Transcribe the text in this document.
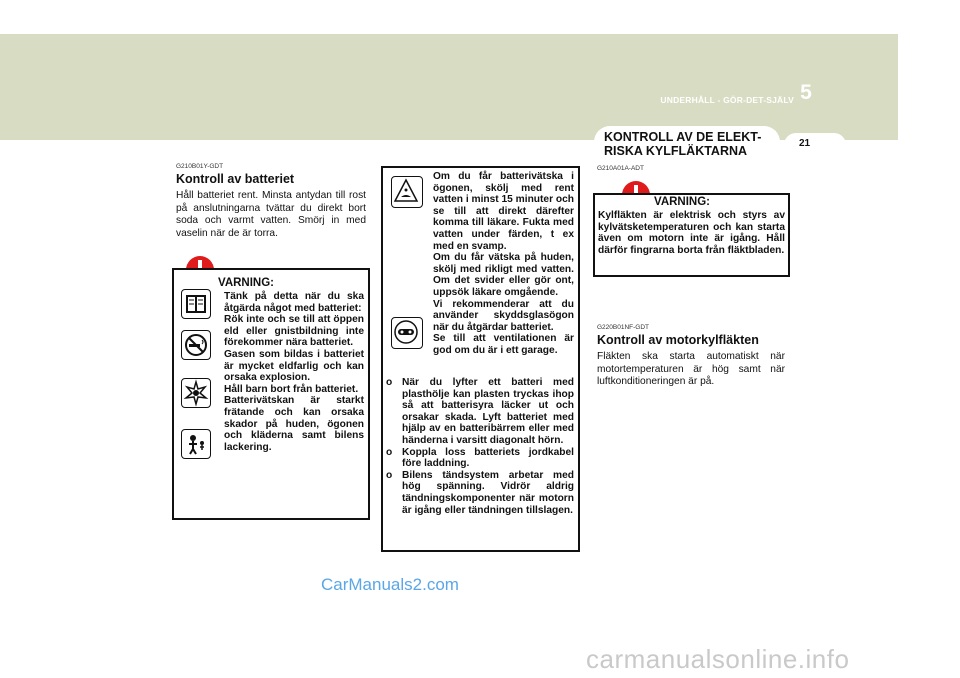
UNDERHÅLL - GÖR-DET-SJÄLV 5
21
KONTROLL AV DE ELEKT-RISKA KYLFLÄKTARNA
G210B01Y-GDT
Kontroll av batteriet
Håll batteriet rent. Minsta antydan till rost på anslutningarna tvättar du direkt bort soda och varmt vatten. Smörj in med vaselin när de är torra.
VARNING:

Tänk på detta när du ska åtgärda något med batteriet:

Rök inte och se till att öppen eld eller gnistbildning inte förekommer nära batteriet.

Gasen som bildas i batteriet är mycket eldfarlig och kan orsaka explosion.

Håll barn bort från batteriet.

Batterivätskan är starkt frätande och kan orsaka skador på huden, ögonen och kläderna samt bilens lackering.

Om du får batterivätska i ögonen, skölj med rent vatten i minst 15 minuter och se till att direkt därefter komma till läkare. Fukta med vatten under färden, t ex med en svamp.

Om du får vätska på huden, skölj med rikligt med vatten. Om det svider eller gör ont, uppsök läkare omgående.

Vi rekommenderar att du använder skyddsglasögon när du åtgärdar batteriet.

Se till att ventilationen är god om du är i ett garage.

o När du lyfter ett batteri med plasthölje kan plasten tryckas ihop så att batterisyra läcker ut och orsakar skada. Lyft batteriet med hjälp av en batteribärrem eller med händerna i varsitt diagonalt hörn.
o Koppla loss batteriets jordkabel före laddning.
o Bilens tändsystem arbetar med hög spänning. Vidrör aldrig tändningskomponenter när motorn är igång eller tändningen tillslagen.
G210A01A-ADT
VARNING:
Kylfläkten är elektrisk och styrs av kylvätsketemperaturen och kan starta även om motorn inte är igång. Håll därför fingrarna borta från fläktbladen.
G220B01NF-GDT
Kontroll av motorkylfläkten
Fläkten ska starta automatiskt när motortemperaturen är hög samt när luftkonditioneringen är på.
CarManuals2.com
carmanualsonline.info
